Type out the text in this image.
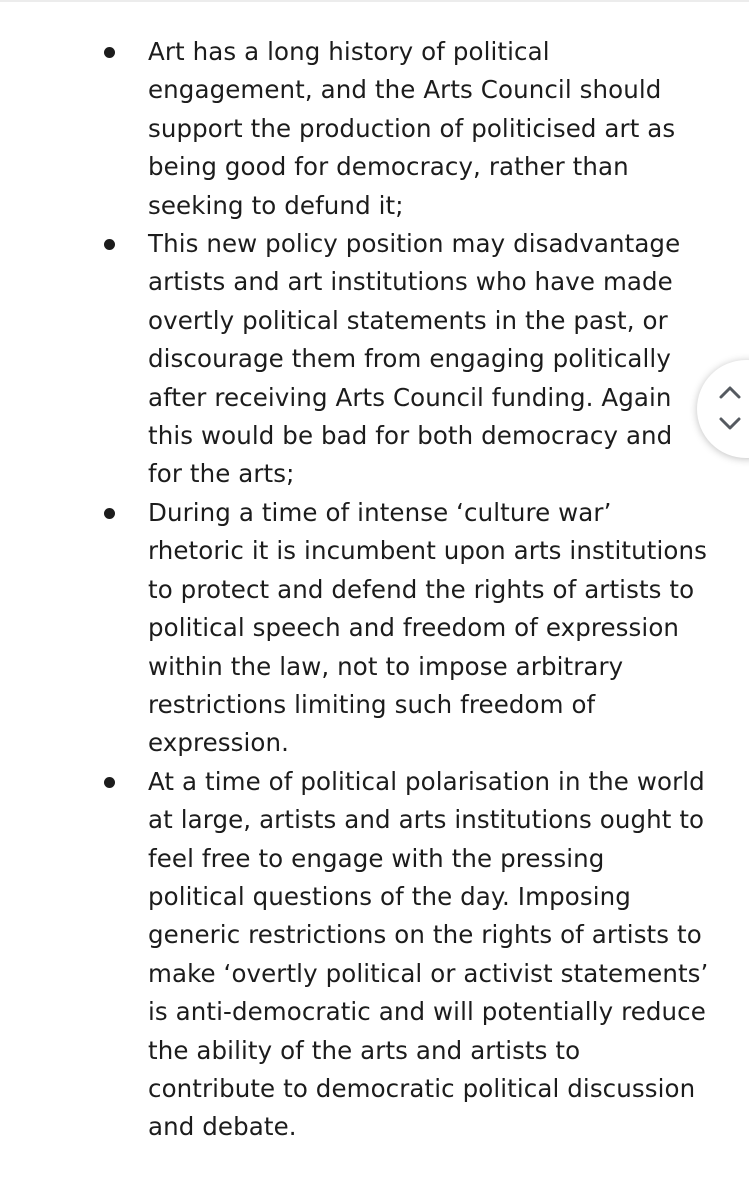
Art has a long history of political engagement, and the Arts Council should support the production of politicised art as being good for democracy, rather than seeking to defund it;
This new policy position may disadvantage artists and art institutions who have made overtly political statements in the past, or discourage them from engaging politically after receiving Arts Council funding. Again this would be bad for both democracy and for the arts;
During a time of intense ‘culture war’ rhetoric it is incumbent upon arts institutions to protect and defend the rights of artists to political speech and freedom of expression within the law, not to impose arbitrary restrictions limiting such freedom of expression.
At a time of political polarisation in the world at large, artists and arts institutions ought to feel free to engage with the pressing political questions of the day. Imposing generic restrictions on the rights of artists to make ‘overtly political or activist statements’ is anti-democratic and will potentially reduce the ability of the arts and artists to contribute to democratic political discussion and debate.
